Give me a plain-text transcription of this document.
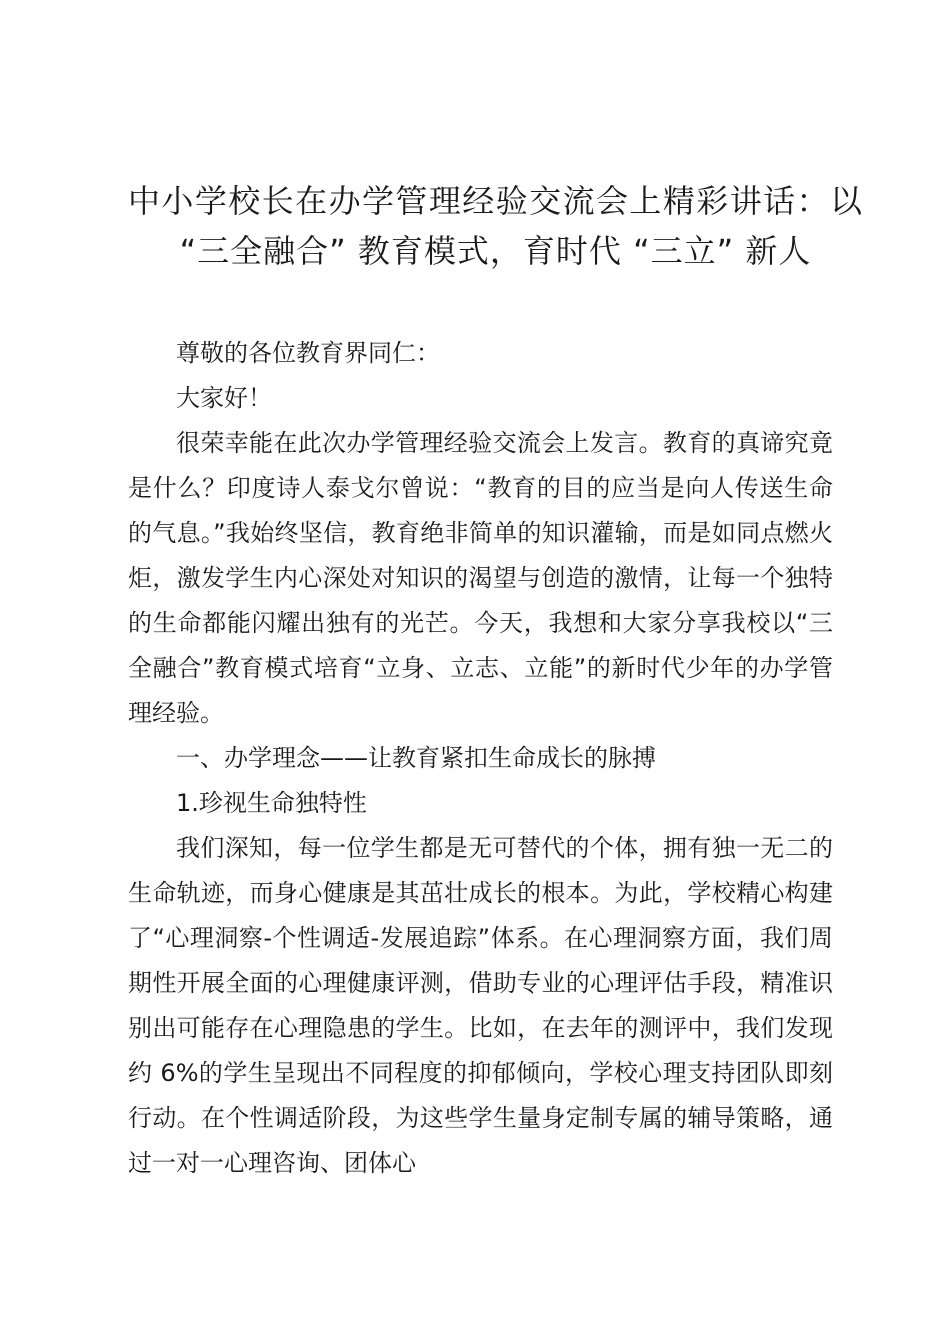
中小学校长在办学管理经验交流会上精彩讲话：以 “三全融合” 教育模式，育时代 “三立” 新人

尊敬的各位教育界同仁：

大家好！

很荣幸能在此次办学管理经验交流会上发言。教育的真谛究竟是什么？印度诗人泰戈尔曾说：“教育的目的应当是向人传送生命的气息。”我始终坚信，教育绝非简单的知识灌输，而是如同点燃火炬，激发学生内心深处对知识的渴望与创造的激情，让每一个独特的生命都能闪耀出独有的光芒。今天，我想和大家分享我校以“三全融合”教育模式培育“立身、立志、立能”的新时代少年的办学管理经验。

一、办学理念——让教育紧扣生命成长的脉搏

1.珍视生命独特性

我们深知，每一位学生都是无可替代的个体，拥有独一无二的生命轨迹，而身心健康是其茁壮成长的根本。为此，学校精心构建了“心理洞察-个性调适-发展追踪”体系。在心理洞察方面，我们周期性开展全面的心理健康评测，借助专业的心理评估手段，精准识别出可能存在心理隐患的学生。比如，在去年的测评中，我们发现约 6%的学生呈现出不同程度的抑郁倾向，学校心理支持团队即刻行动。在个性调适阶段，为这些学生量身定制专属的辅导策略，通过一对一心理咨询、团体心
